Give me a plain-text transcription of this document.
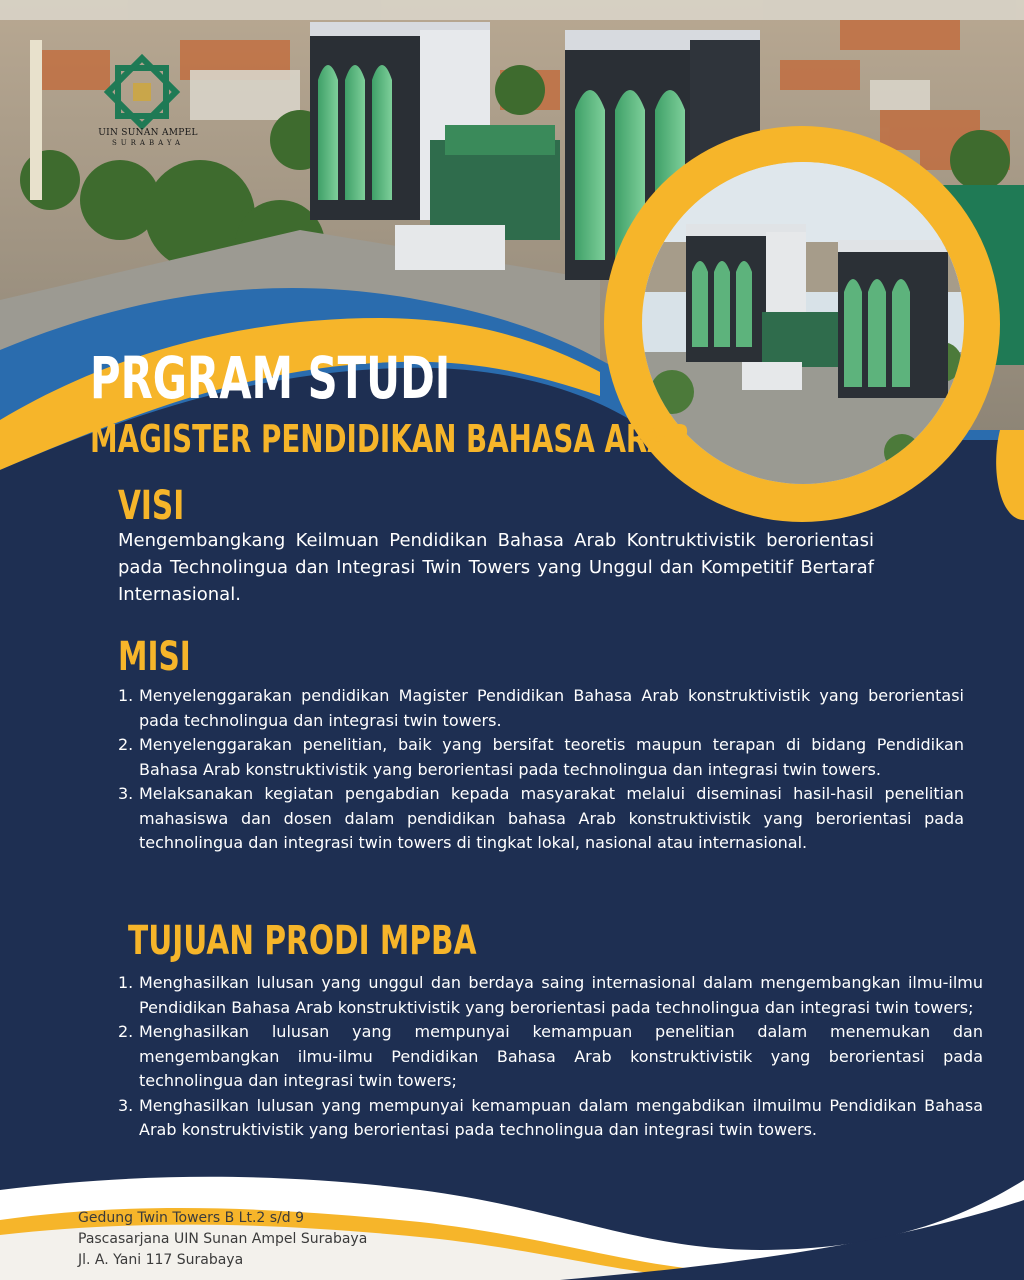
UIN SUNAN AMPEL
SURABAYA
PRGRAM STUDI
MAGISTER PENDIDIKAN BAHASA ARAB
VISI

Mengembangkang Keilmuan Pendidikan Bahasa Arab Kontruktivistik berorientasi pada Technolingua dan Integrasi Twin Towers yang Unggul dan Kompetitif Bertaraf Internasional.

MISI
1. Menyelenggarakan pendidikan Magister Pendidikan Bahasa Arab konstruktivistik yang berorientasi pada technolingua dan integrasi twin towers.
2. Menyelenggarakan penelitian, baik yang bersifat teoretis maupun terapan di bidang Pendidikan Bahasa Arab konstruktivistik yang berorientasi pada technolingua dan integrasi twin towers.
3. Melaksanakan kegiatan pengabdian kepada masyarakat melalui diseminasi hasil-hasil penelitian mahasiswa dan dosen dalam pendidikan bahasa Arab konstruktivistik yang berorientasi pada technolingua dan integrasi twin towers di tingkat lokal, nasional atau internasional.
TUJUAN PRODI MPBA
1. Menghasilkan lulusan yang unggul dan berdaya saing internasional dalam mengembangkan ilmu-ilmu Pendidikan Bahasa Arab konstruktivistik yang berorientasi pada technolingua dan integrasi twin towers;
2. Menghasilkan lulusan yang mempunyai kemampuan penelitian dalam menemukan dan mengembangkan ilmu-ilmu Pendidikan Bahasa Arab konstruktivistik yang berorientasi pada technolingua dan integrasi twin towers;
3. Menghasilkan lulusan yang mempunyai kemampuan dalam mengabdikan ilmuilmu Pendidikan Bahasa Arab konstruktivistik yang berorientasi pada technolingua dan integrasi twin towers.
Gedung Twin Towers B Lt.2 s/d 9
Pascasarjana UIN Sunan Ampel Surabaya
Jl. A. Yani 117 Surabaya
